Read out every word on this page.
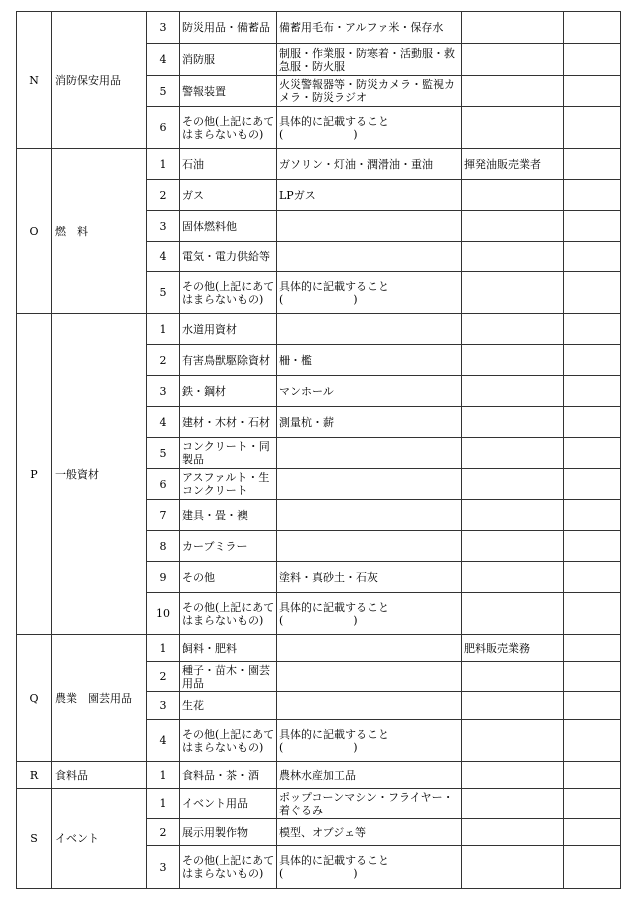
N	消防保安用品	3	防災用品・備蓄品	備蓄用毛布・アルファ米・保存水		
		4	消防服	制服・作業服・防寒着・活動服・救急服・防火服		
		5	警報装置	火災警報器等・防災カメラ・監視カメラ・防災ラジオ		
		6	その他(上記にあてはまらないもの)	具体的に記載すること
(                    )		

O	燃　料	1	石油	ガソリン・灯油・潤滑油・重油	揮発油販売業者	
		2	ガス	LPガス		
		3	固体燃料他			
		4	電気・電力供給等			
		5	その他(上記にあてはまらないもの)	具体的に記載すること
(                    )		

P	一般資材	1	水道用資材			
		2	有害鳥獣駆除資材	柵・檻		
		3	鉄・鋼材	マンホール		
		4	建材・木材・石材	測量杭・薪		
		5	コンクリート・同製品			
		6	アスファルト・生コンクリート			
		7	建具・畳・襖			
		8	カーブミラー			
		9	その他	塗料・真砂土・石灰		
		10	その他(上記にあてはまらないもの)	具体的に記載すること
(                    )		

Q	農業　園芸用品	1	飼料・肥料		肥料販売業務	
		2	種子・苗木・園芸用品			
		3	生花			
		4	その他(上記にあてはまらないもの)	具体的に記載すること
(                    )		

R	食料品	1	食料品・茶・酒	農林水産加工品		
S	イベント	1	イベント用品	ポップコーンマシン・フライヤー・着ぐるみ		
		2	展示用製作物	模型、オブジェ等		
		3	その他(上記にあてはまらないもの)	具体的に記載すること
(                    )		
